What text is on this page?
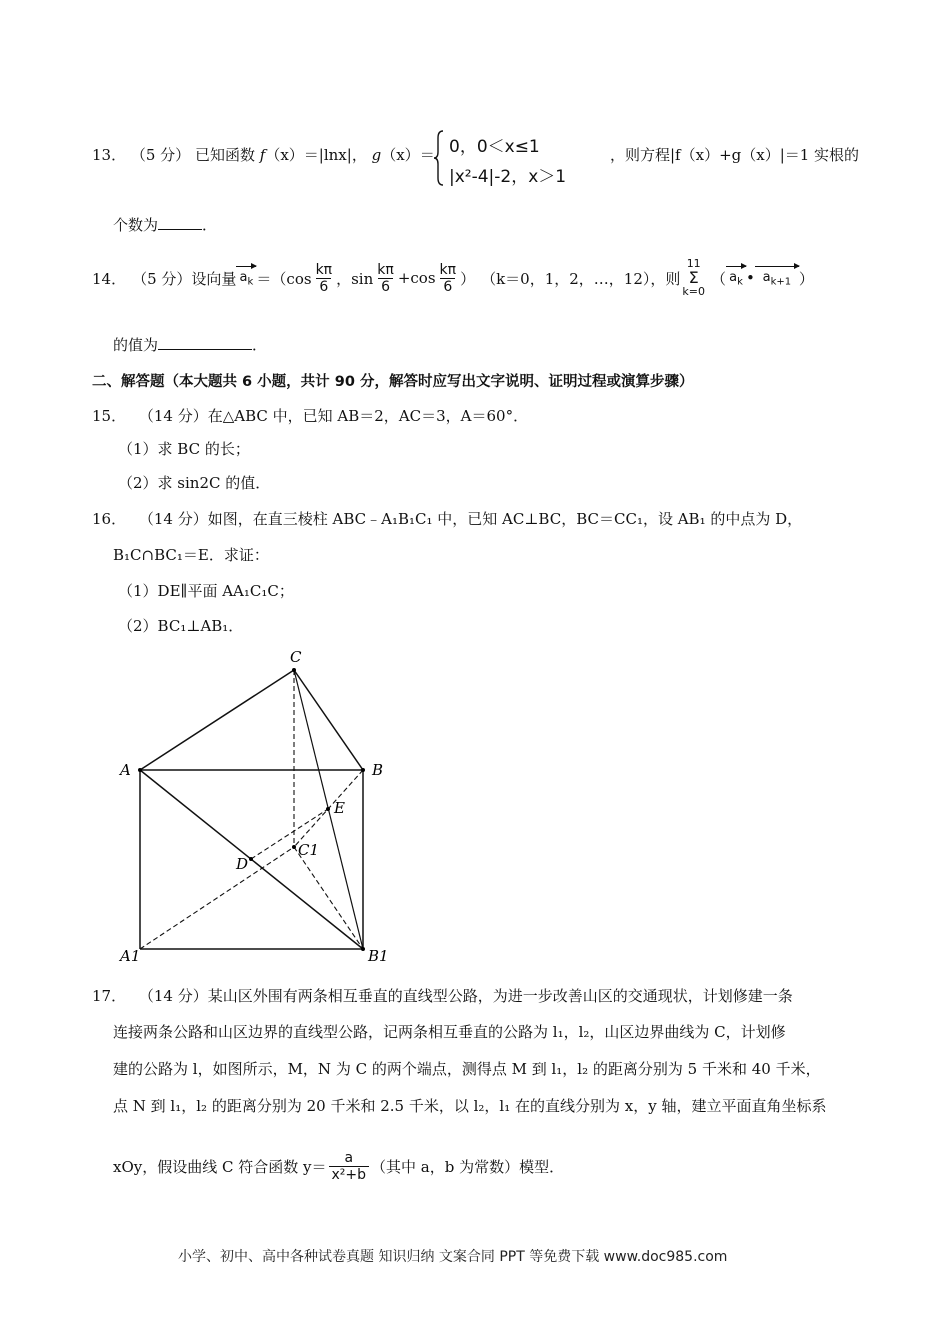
13． （5 分） 已知函数 f（x）＝|lnx|， g（x）＝ 0，0＜x≤1
|x²-4|-2，x＞1
，则方程|f（x）+g（x）|＝1 实根的
个数为	．
14． （5 分） 设向量 $a_k =(\cos \frac{k\pi}{6}$ ，$\sin \frac{k\pi}{6} +\cos \frac{k\pi}{6}$ ） （k＝0，1，2，…，12），则
11
Σ
k=0
（ $a_k$ • $a_{k+1}$ ）
的值为	．
二、解答题（本大题共 6 小题，共计 90 分，解答时应写出文字说明、证明过程或演算步骤）
15． （14 分）在△ABC 中，已知 AB＝2，AC＝3，A＝60°．
（1）求 BC 的长；
（2）求 sin2C 的值．
16． （14 分）如图，在直三棱柱 ABC﹣A₁B₁C₁ 中，已知 AC⊥BC，BC＝CC₁，设 AB₁ 的中点为 D，
B₁C∩BC₁＝E．求证：
（1）DE∥平面 AA₁C₁C；
（2）BC₁⊥AB₁．
C
A	B
E
C1
D
A1	B1
17． （14 分）某山区外围有两条相互垂直的直线型公路，为进一步改善山区的交通现状，计划修建一条
连接两条公路和山区边界的直线型公路，记两条相互垂直的公路为 l₁，l₂，山区边界曲线为 C，计划修
建的公路为 l，如图所示，M，N 为 C 的两个端点，测得点 M 到 l₁，l₂ 的距离分别为 5 千米和 40 千米，
点 N 到 l₁，l₂ 的距离分别为 20 千米和 2.5 千米，以 l₂，l₁ 在的直线分别为 x，y 轴，建立平面直角坐标系
xOy，假设曲线 C 符合函数 $y= \frac{a}{\text{x²+b}}$ （其中 a，b 为常数）模型．
小学、初中、高中各种试卷真题 知识归纳 文案合同 PPT 等免费下载 www.doc985.com
